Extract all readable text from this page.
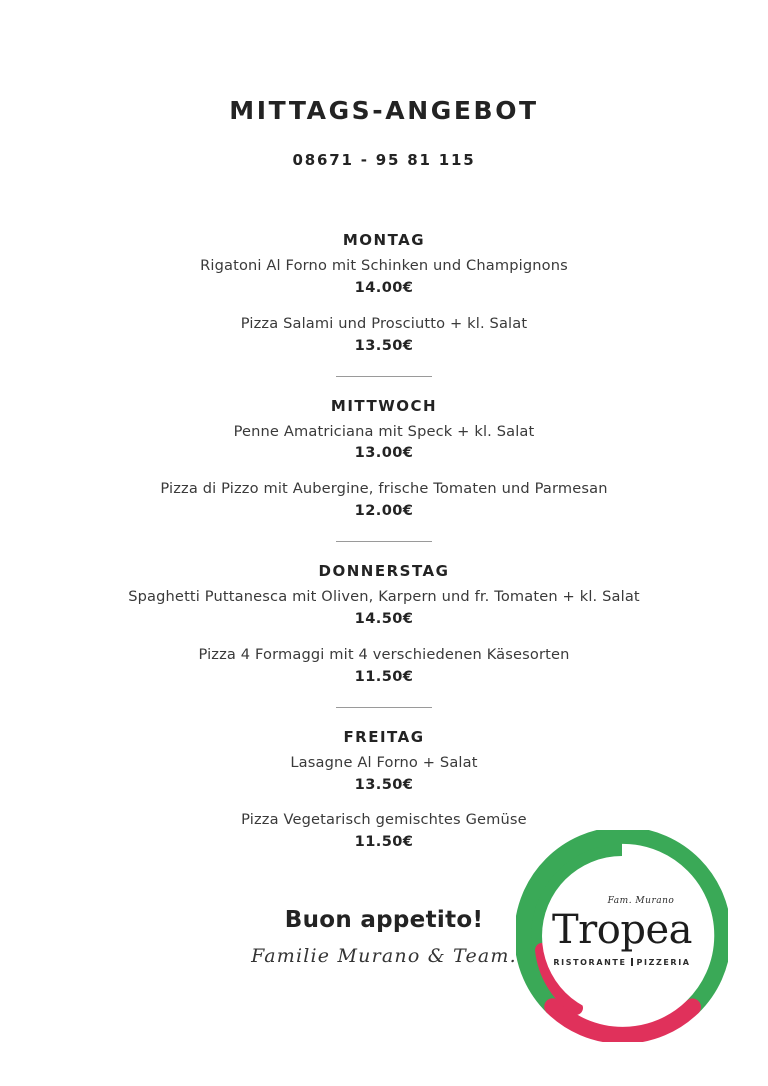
MITTAGS-ANGEBOT

08671 - 95 81 115

MONTAG

Rigatoni Al Forno mit Schinken und Champignons

14.00€

Pizza Salami und Prosciutto + kl. Salat

13.50€

MITTWOCH

Penne Amatriciana mit Speck + kl. Salat

13.00€

Pizza di Pizzo mit Aubergine, frische Tomaten und Parmesan

12.00€

DONNERSTAG

Spaghetti Puttanesca mit Oliven, Karpern und fr. Tomaten + kl. Salat

14.50€

Pizza 4 Formaggi mit 4 verschiedenen Käsesorten

11.50€

FREITAG

Lasagne Al Forno + Salat

13.50€

Pizza Vegetarisch gemischtes Gemüse

11.50€

Buon appetito!

Familie Murano & Team.

Fam. Murano
Tropea
RISTORANTE PIZZERIA
